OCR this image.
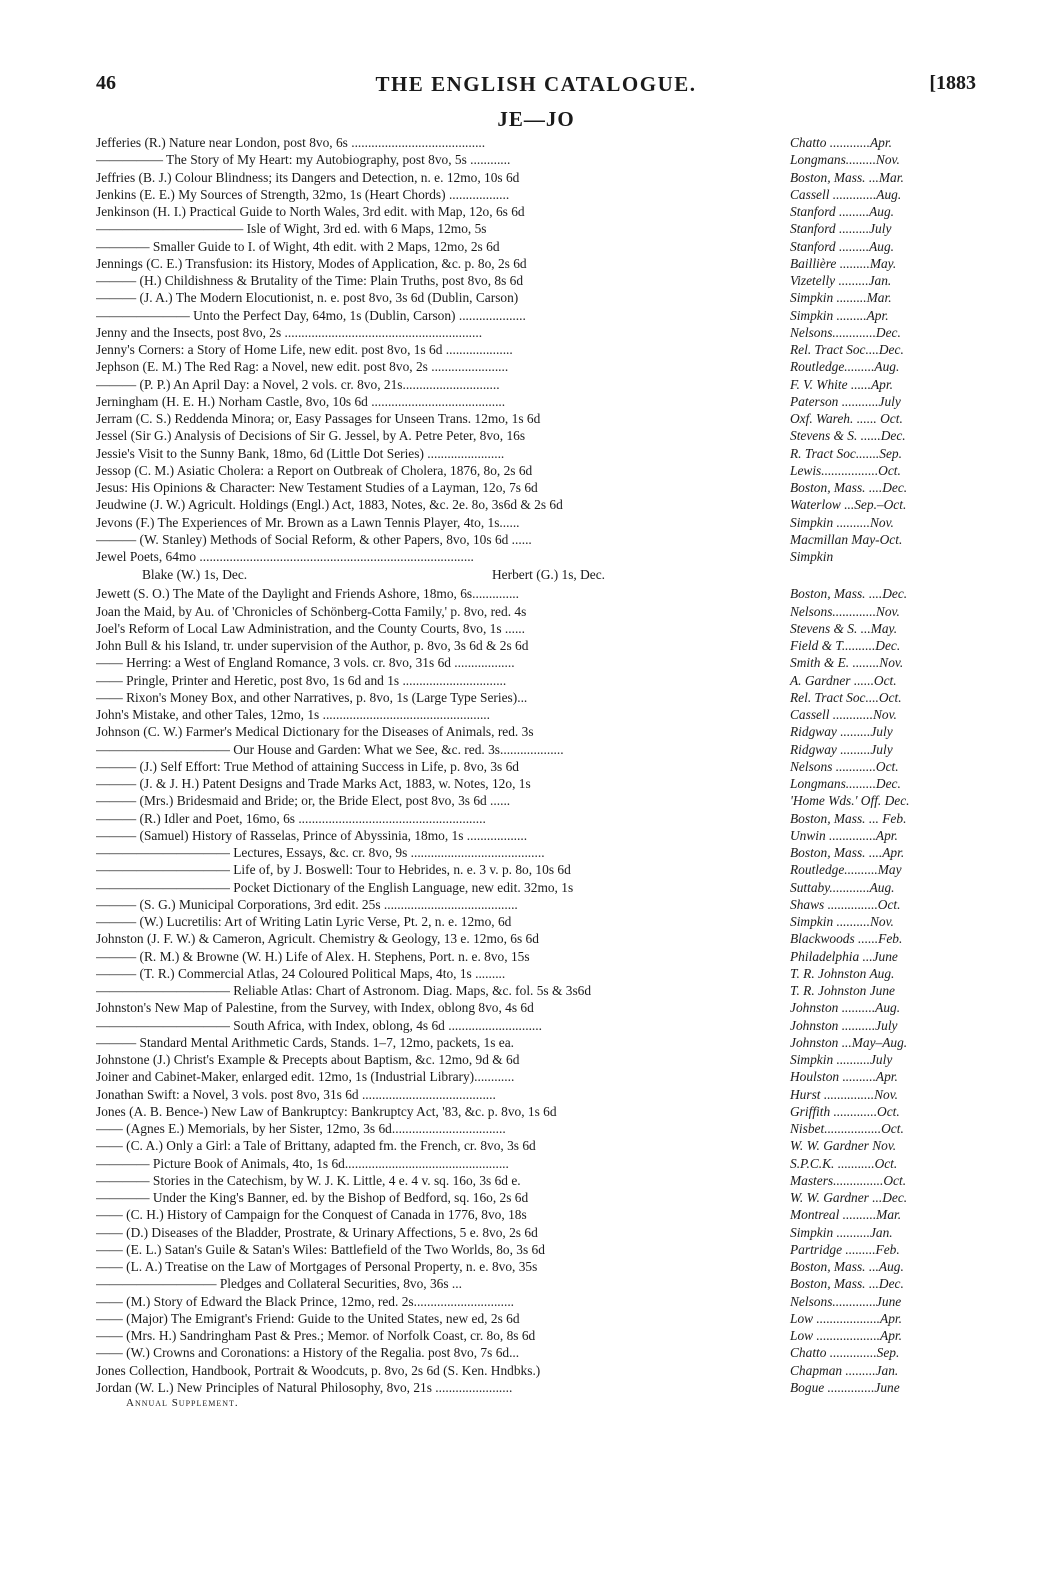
46	THE ENGLISH CATALOGUE.	[1883
JE—JO
Jefferies (R.) Nature near London, post 8vo, 6s ........................................	Chatto ............Apr.
————— The Story of My Heart: my Autobiography, post 8vo, 5s ............	Longmans.........Nov.
Jeffries (B. J.) Colour Blindness; its Dangers and Detection, n. e. 12mo, 10s 6d	Boston, Mass. ...Mar.
Jenkins (E. E.) My Sources of Strength, 32mo, 1s (Heart Chords) ..................	Cassell .............Aug.
Jenkinson (H. I.) Practical Guide to North Wales, 3rd edit. with Map, 12o, 6s 6d	Stanford .........Aug.
——————————— Isle of Wight, 3rd ed. with 6 Maps, 12mo, 5s	Stanford .........July
———— Smaller Guide to I. of Wight, 4th edit. with 2 Maps, 12mo, 2s 6d	Stanford .........Aug.
Jennings (C. E.) Transfusion: its History, Modes of Application, &c. p. 8o, 2s 6d	Baillière .........May.
——— (H.) Childishness & Brutality of the Time: Plain Truths, post 8vo, 8s 6d	Vizetelly .........Jan.
——— (J. A.) The Modern Elocutionist, n. e. post 8vo, 3s 6d (Dublin, Carson)	Simpkin .........Mar.
——————— Unto the Perfect Day, 64mo, 1s (Dublin, Carson) ....................	Simpkin .........Apr.
Jenny and the Insects, post 8vo, 2s ...........................................................	Nelsons.............Dec.
Jenny's Corners: a Story of Home Life, new edit. post 8vo, 1s 6d ....................	Rel. Tract Soc....Dec.
Jephson (E. M.) The Red Rag: a Novel, new edit. post 8vo, 2s .......................	Routledge.........Aug.
——— (P. P.) An April Day: a Novel, 2 vols. cr. 8vo, 21s.............................	F. V. White ......Apr.
Jerningham (H. E. H.) Norham Castle, 8vo, 10s 6d ........................................	Paterson ...........July
Jerram (C. S.) Reddenda Minora; or, Easy Passages for Unseen Trans. 12mo, 1s 6d	Oxf. Wareh. ...... Oct.
Jessel (Sir G.) Analysis of Decisions of Sir G. Jessel, by A. Petre Peter, 8vo, 16s	Stevens & S. ......Dec.
Jessie's Visit to the Sunny Bank, 18mo, 6d (Little Dot Series) .......................	R. Tract Soc.......Sep.
Jessop (C. M.) Asiatic Cholera: a Report on Outbreak of Cholera, 1876, 8o, 2s 6d	Lewis.................Oct.
Jesus: His Opinions & Character: New Testament Studies of a Layman, 12o, 7s 6d	Boston, Mass. ....Dec.
Jeudwine (J. W.) Agricult. Holdings (Engl.) Act, 1883, Notes, &c. 2e. 8o, 3s6d & 2s 6d	Waterlow ...Sep.–Oct.
Jevons (F.) The Experiences of Mr. Brown as a Lawn Tennis Player, 4to, 1s......	Simpkin ..........Nov.
——— (W. Stanley) Methods of Social Reform, & other Papers, 8vo, 10s 6d ......	Macmillan May-Oct.
Jewel Poets, 64mo ..................................................................................	Simpkin
Blake (W.) 1s, Dec.	Herbert (G.) 1s, Dec.
Jewett (S. O.) The Mate of the Daylight and Friends Ashore, 18mo, 6s..............	Boston, Mass. ....Dec.
Joan the Maid, by Au. of 'Chronicles of Schönberg-Cotta Family,' p. 8vo, red. 4s	Nelsons.............Nov.
Joel's Reform of Local Law Administration, and the County Courts, 8vo, 1s ......	Stevens & S. ...May.
John Bull & his Island, tr. under supervision of the Author, p. 8vo, 3s 6d & 2s 6d	Field & T..........Dec.
—— Herring: a West of England Romance, 3 vols. cr. 8vo, 31s 6d ..................	Smith & E. ........Nov.
—— Pringle, Printer and Heretic, post 8vo, 1s 6d and 1s ...............................	A. Gardner ......Oct.
—— Rixon's Money Box, and other Narratives, p. 8vo, 1s (Large Type Series)...	Rel. Tract Soc....Oct.
John's Mistake, and other Tales, 12mo, 1s ..................................................	Cassell ............Nov.
Johnson (C. W.) Farmer's Medical Dictionary for the Diseases of Animals, red. 3s	Ridgway .........July
—————————— Our House and Garden: What we See, &c. red. 3s...................	Ridgway .........July
——— (J.) Self Effort: True Method of attaining Success in Life, p. 8vo, 3s 6d	Nelsons ............Oct.
——— (J. & J. H.) Patent Designs and Trade Marks Act, 1883, w. Notes, 12o, 1s	Longmans.........Dec.
——— (Mrs.) Bridesmaid and Bride; or, the Bride Elect, post 8vo, 3s 6d ......	'Home Wds.' Off. Dec.
——— (R.) Idler and Poet, 16mo, 6s ........................................................	Boston, Mass. ... Feb.
——— (Samuel) History of Rasselas, Prince of Abyssinia, 18mo, 1s ..................	Unwin ..............Apr.
—————————— Lectures, Essays, &c. cr. 8vo, 9s ........................................	Boston, Mass. ....Apr.
—————————— Life of, by J. Boswell: Tour to Hebrides, n. e. 3 v. p. 8o, 10s 6d	Routledge..........May
—————————— Pocket Dictionary of the English Language, new edit. 32mo, 1s	Suttaby............Aug.
——— (S. G.) Municipal Corporations, 3rd edit. 25s ........................................	Shaws ...............Oct.
——— (W.) Lucretilis: Art of Writing Latin Lyric Verse, Pt. 2, n. e. 12mo, 6d	Simpkin ..........Nov.
Johnston (J. F. W.) & Cameron, Agricult. Chemistry & Geology, 13 e. 12mo, 6s 6d	Blackwoods ......Feb.
——— (R. M.) & Browne (W. H.) Life of Alex. H. Stephens, Port. n. e. 8vo, 15s	Philadelphia ...June
——— (T. R.) Commercial Atlas, 24 Coloured Political Maps, 4to, 1s .........	T. R. Johnston Aug.
—————————— Reliable Atlas: Chart of Astronom. Diag. Maps, &c. fol. 5s & 3s6d	T. R. Johnston June
Johnston's New Map of Palestine, from the Survey, with Index, oblong 8vo, 4s 6d	Johnston ..........Aug.
—————————— South Africa, with Index, oblong, 4s 6d ............................	Johnston ..........July
——— Standard Mental Arithmetic Cards, Stands. 1–7, 12mo, packets, 1s ea.	Johnston ...May–Aug.
Johnstone (J.) Christ's Example & Precepts about Baptism, &c. 12mo, 9d & 6d	Simpkin ..........July
Joiner and Cabinet-Maker, enlarged edit. 12mo, 1s (Industrial Library)............	Houlston ..........Apr.
Jonathan Swift: a Novel, 3 vols. post 8vo, 31s 6d ........................................	Hurst ...............Nov.
Jones (A. B. Bence-) New Law of Bankruptcy: Bankruptcy Act, '83, &c. p. 8vo, 1s 6d	Griffith .............Oct.
—— (Agnes E.) Memorials, by her Sister, 12mo, 3s 6d..................................	Nisbet.................Oct.
—— (C. A.) Only a Girl: a Tale of Brittany, adapted fm. the French, cr. 8vo, 3s 6d	W. W. Gardner Nov.
———— Picture Book of Animals, 4to, 1s 6d.................................................	S.P.C.K. ...........Oct.
———— Stories in the Catechism, by W. J. K. Little, 4 e. 4 v. sq. 16o, 3s 6d e.	Masters...............Oct.
———— Under the King's Banner, ed. by the Bishop of Bedford, sq. 16o, 2s 6d	W. W. Gardner ...Dec.
—— (C. H.) History of Campaign for the Conquest of Canada in 1776, 8vo, 18s	Montreal ..........Mar.
—— (D.) Diseases of the Bladder, Prostrate, & Urinary Affections, 5 e. 8vo, 2s 6d	Simpkin ..........Jan.
—— (E. L.) Satan's Guile & Satan's Wiles: Battlefield of the Two Worlds, 8o, 3s 6d	Partridge .........Feb.
—— (L. A.) Treatise on the Law of Mortgages of Personal Property, n. e. 8vo, 35s	Boston, Mass. ...Aug.
————————— Pledges and Collateral Securities, 8vo, 36s ...	Boston, Mass. ...Dec.
—— (M.) Story of Edward the Black Prince, 12mo, red. 2s..............................	Nelsons.............June
—— (Major) The Emigrant's Friend: Guide to the United States, new ed, 2s 6d	Low ...................Apr.
—— (Mrs. H.) Sandringham Past & Pres.; Memor. of Norfolk Coast, cr. 8o, 8s 6d	Low ...................Apr.
—— (W.) Crowns and Coronations: a History of the Regalia. post 8vo, 7s 6d...	Chatto ..............Sep.
Jones Collection, Handbook, Portrait & Woodcuts, p. 8vo, 2s 6d (S. Ken. Hndbks.)	Chapman .........Jan.
Jordan (W. L.) New Principles of Natural Philosophy, 8vo, 21s .......................	Bogue ..............June
Annual Supplement.
